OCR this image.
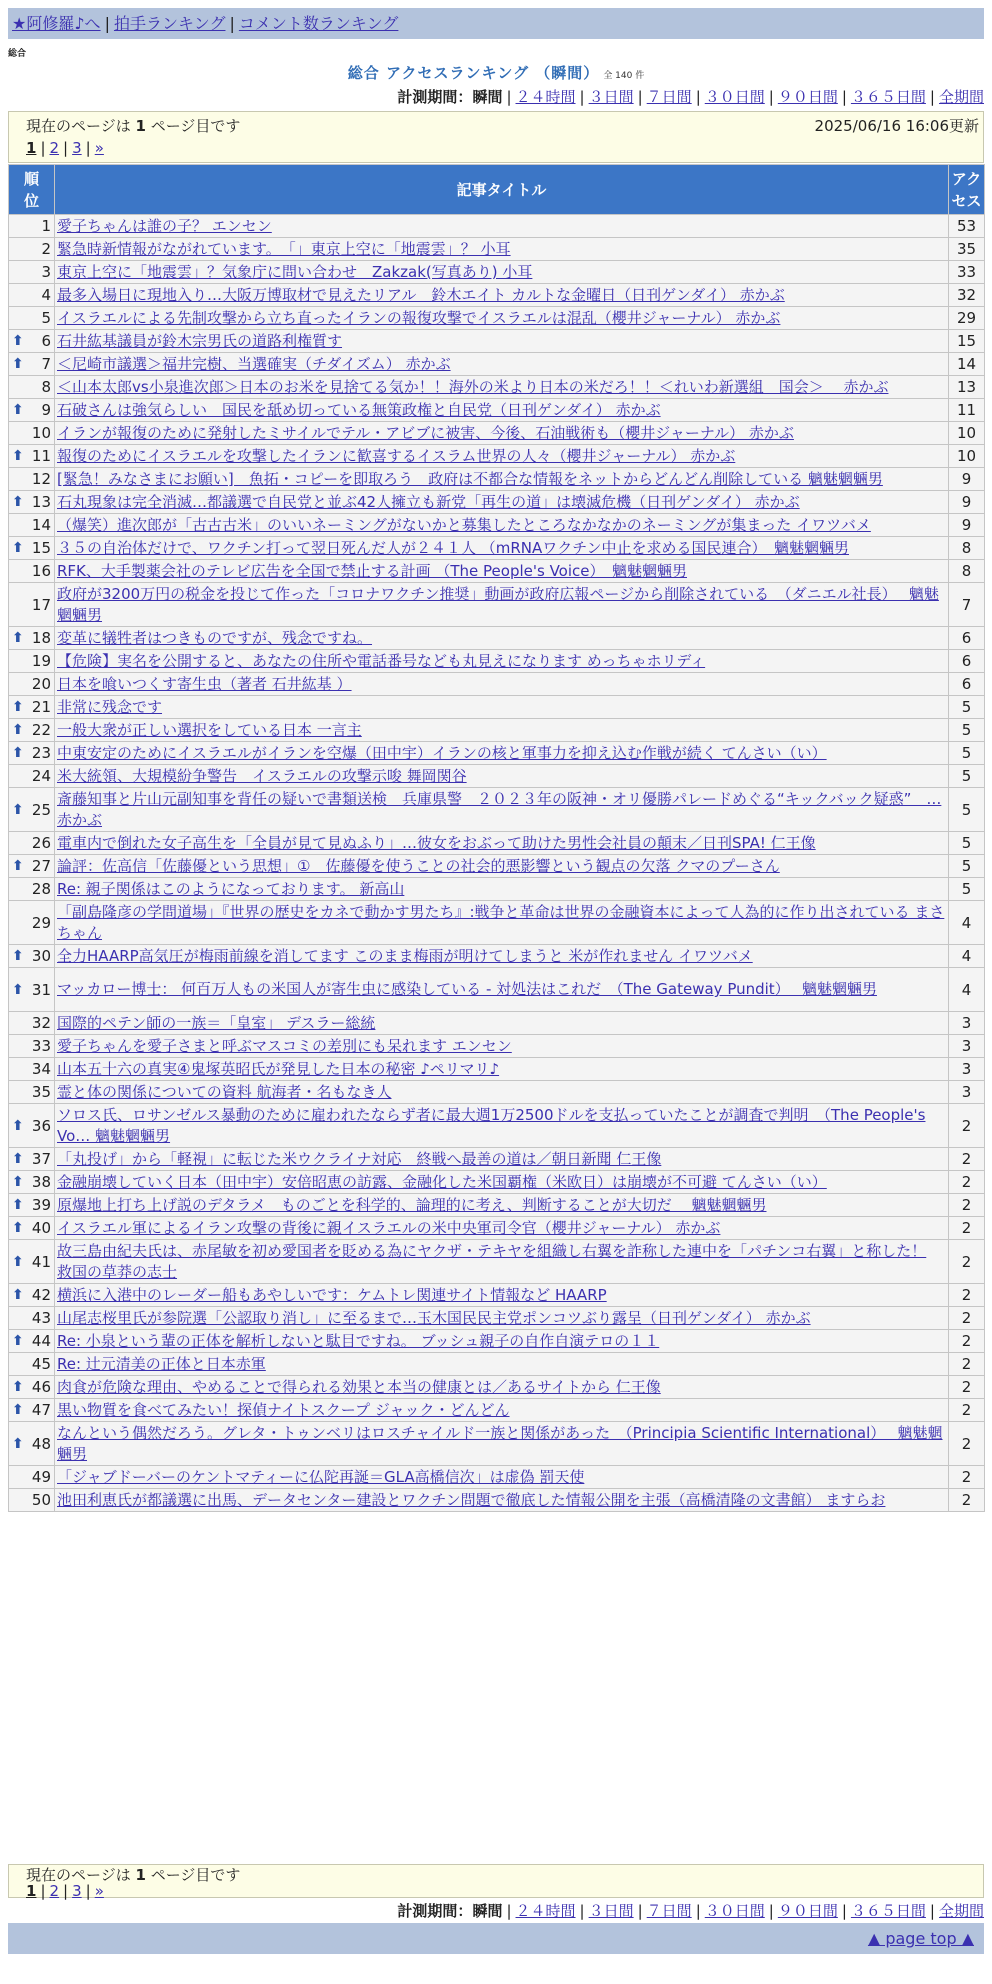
★阿修羅♪へ | 拍手ランキング | コメント数ランキング
総合
総合 アクセスランキング （瞬間） 全 140 件
計測期間：瞬間 | ２４時間 | ３日間 | ７日間 | ３０日間 | ９０日間 | ３６５日間 | 全期間
現在のページは 1 ページ目です	2025/06/16 16:06更新
1 | 2 | 3 | »
順位	記事タイトル	アクセス

1	愛子ちゃんは誰の子？ エンセン	53
2	緊急時新情報がながれています。　「」東京上空に「地震雲」？ 小耳	35
3	東京上空に「地震雲」？気象庁に問い合わせ　Zakzak(写真あり) 小耳	33
4	最多入場日に現地入り…大阪万博取材で見えたリアル　鈴木エイト カルトな金曜日（日刊ゲンダイ） 赤かぶ	32
5	イスラエルによる先制攻撃から立ち直ったイランの報復攻撃でイスラエルは混乱（櫻井ジャーナル） 赤かぶ	29

⬆ 6	石井紘基議員が鈴木宗男氏の道路利権質す	15

⬆ 7	＜尼崎市議選＞福井完樹、当選確実（チダイズム） 赤かぶ	14
8	＜山本太郎vs小泉進次郎＞日本のお米を見捨てる気か！！海外の米より日本の米だろ！！＜れいわ新選組　国会＞　 赤かぶ	13

⬆ 9	石破さんは強気らしい　国民を舐め切っている無策政権と自民党（日刊ゲンダイ） 赤かぶ	11
10	イランが報復のために発射したミサイルでテル・アビブに被害、今後、石油戦術も（櫻井ジャーナル） 赤かぶ	10

⬆ 11	報復のためにイスラエルを攻撃したイランに歓喜するイスラム世界の人々（櫻井ジャーナル） 赤かぶ	10
12	[緊急！みなさまにお願い]　魚拓・コピーを即取ろう　政府は不都合な情報をネットからどんどん削除している 魑魅魍魎男	9

⬆ 13	石丸現象は完全消滅…都議選で自民党と並ぶ42人擁立も新党「再生の道」は壊滅危機（日刊ゲンダイ） 赤かぶ	9
14	（爆笑）進次郎が「古古古米」のいいネーミングがないかと募集したところなかなかのネーミングが集まった イワツバメ	9

⬆ 15	３５の自治体だけで、ワクチン打って翌日死んだ人が２４１人 （mRNAワクチン中止を求める国民連合）　魑魅魍魎男	8
16	RFK、大手製薬会社のテレビ広告を全国で禁止する計画 （The People's Voice）　魑魅魍魎男	8
17	政府が3200万円の税金を投じて作った「コロナワクチン推奨」動画が政府広報ページから削除されている　（ダニエル社長）　 魑魅魍魎男	7

⬆ 18	変革に犠牲者はつきものですが、残念ですね。	6
19	【危険】実名を公開すると、あなたの住所や電話番号なども丸見えになります めっちゃホリディ	6
20	日本を喰いつくす寄生虫（著者 石井紘基 ）	6

⬆ 21	非常に残念です	5

⬆ 22	一般大衆が正しい選択をしている日本 一言主	5

⬆ 23	中東安定のためにイスラエルがイランを空爆（田中宇）イランの核と軍事力を抑え込む作戦が続く てんさい（い）	5
24	米大統領、大規模紛争警告　イスラエルの攻撃示唆 舞岡関谷	5

⬆ 25	斎藤知事と片山元副知事を背任の疑いで書類送検　兵庫県警　２０２３年の阪神・オリ優勝パレードめぐる“キックバック疑惑”　… 赤かぶ	5
26	電車内で倒れた女子高生を「全員が見て見ぬふり」…彼女をおぶって助けた男性会社員の顛末／日刊SPA! 仁王像	5

⬆ 27	論評：佐高信「佐藤優という思想」①　佐藤優を使うことの社会的悪影響という観点の欠落 クマのプーさん	5
28	Re: 親子関係はこのようになっております。 新高山	5
29	「副島隆彦の学問道場」『世界の歴史をカネで動かす男たち』:戦争と革命は世界の金融資本によって人為的に作り出されている まさちゃん	4

⬆ 30	全力HAARP高気圧が梅雨前線を消してます このまま梅雨が明けてしまうと 米が作れません イワツバメ	4

⬆ 31	マッカロー博士： 何百万人もの米国人が寄生虫に感染している - 対処法はこれだ　（The Gateway Pundit）　 魑魅魍魎男	4
32	国際的ペテン師の一族＝「皇室」 デスラー総統	3
33	愛子ちゃんを愛子さまと呼ぶマスコミの差別にも呆れます エンセン	3
34	山本五十六の真実④鬼塚英昭氏が発見した日本の秘密 ♪ペリマリ♪	3
35	霊と体の関係についての資料 航海者・名もなき人	3

⬆ 36	ソロス氏、ロサンゼルス暴動のために雇われたならず者に最大週1万2500ドルを支払っていたことが調査で判明　（The People's Vo… 魑魅魍魎男	2

⬆ 37	「丸投げ」から「軽視」に転じた米ウクライナ対応　終戦へ最善の道は／朝日新聞 仁王像	2

⬆ 38	金融崩壊していく日本（田中宇）安倍昭恵の訪露、金融化した米国覇権（米欧日）は崩壊が不可避 てんさい（い）	2

⬆ 39	原爆地上打ち上げ説のデタラメ　ものごとを科学的、論理的に考え、判断することが大切だ　 魑魅魍魎男	2

⬆ 40	イスラエル軍によるイラン攻撃の背後に親イスラエルの米中央軍司令官（櫻井ジャーナル） 赤かぶ	2

⬆ 41	故三島由紀夫氏は、赤尾敏を初め愛国者を貶める為にヤクザ・テキヤを組織し右翼を詐称した連中を「パチンコ右翼」と称した！ 救国の草莽の志士	2

⬆ 42	横浜に入港中のレーダー船もあやしいです：ケムトレ関連サイト情報など HAARP	2
43	山尾志桜里氏が参院選「公認取り消し」に至るまで…玉木国民民主党ポンコツぶり露呈（日刊ゲンダイ） 赤かぶ	2

⬆ 44	Re: 小泉という輩の正体を解析しないと駄目ですね。 ブッシュ親子の自作自演テロの１１	2
45	Re: 辻元清美の正体と日本赤軍	2

⬆ 46	肉食が危険な理由、やめることで得られる効果と本当の健康とは／あるサイトから 仁王像	2

⬆ 47	黒い物質を食べてみたい！探偵ナイトスクープ ジャック・どんどん	2

⬆ 48	なんという偶然だろう。グレタ・トゥンベリはロスチャイルド一族と関係があった　（Principia Scientific International）　 魑魅魍魎男	2
49	「ジャブドーバーのケントマティーに仏陀再誕＝GLA高橋信次」は虚偽 罰天使	2
50	池田利恵氏が都議選に出馬、データセンター建設とワクチン問題で徹底した情報公開を主張（高橋清隆の文書館） ますらお	2
現在のページは 1 ページ目です
1 | 2 | 3 | »
計測期間：瞬間 | ２４時間 | ３日間 | ７日間 | ３０日間 | ９０日間 | ３６５日間 | 全期間
▲ page top ▲
